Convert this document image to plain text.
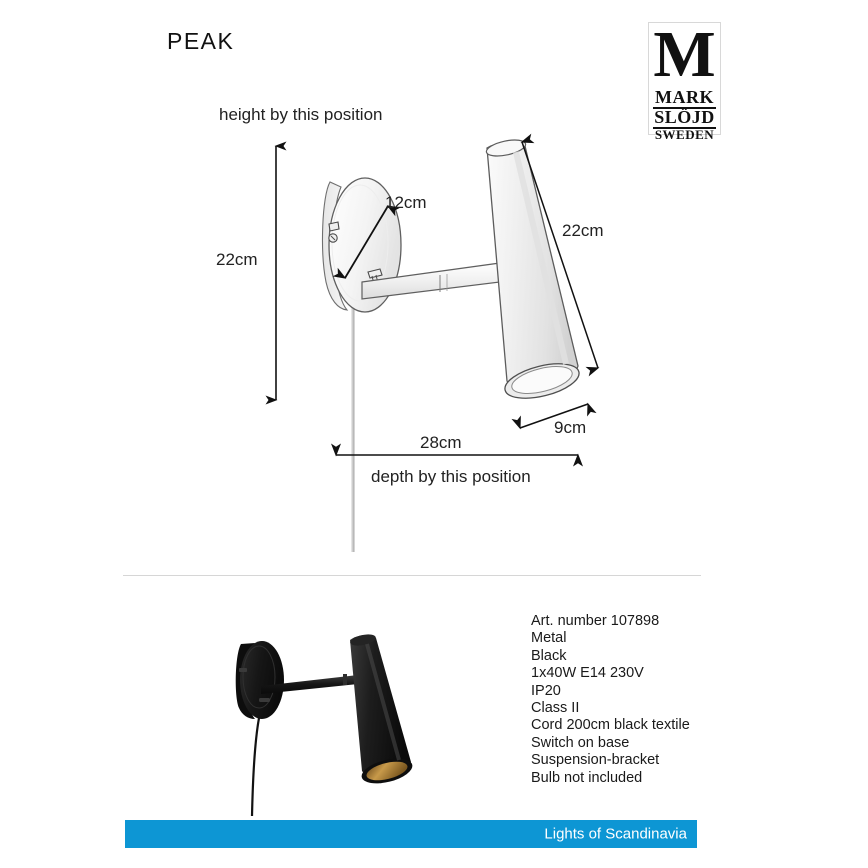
PEAK	M
MARK
SLÖJD
SWEDEN
height by this position
22cm
12cm
22cm
9cm
28cm
depth by this position
Art. number 107898
Metal
Black
1x40W E14 230V
IP20
Class II
Cord 200cm black textile
Switch on base
Suspension-bracket
Bulb not included
Lights of Scandinavia
